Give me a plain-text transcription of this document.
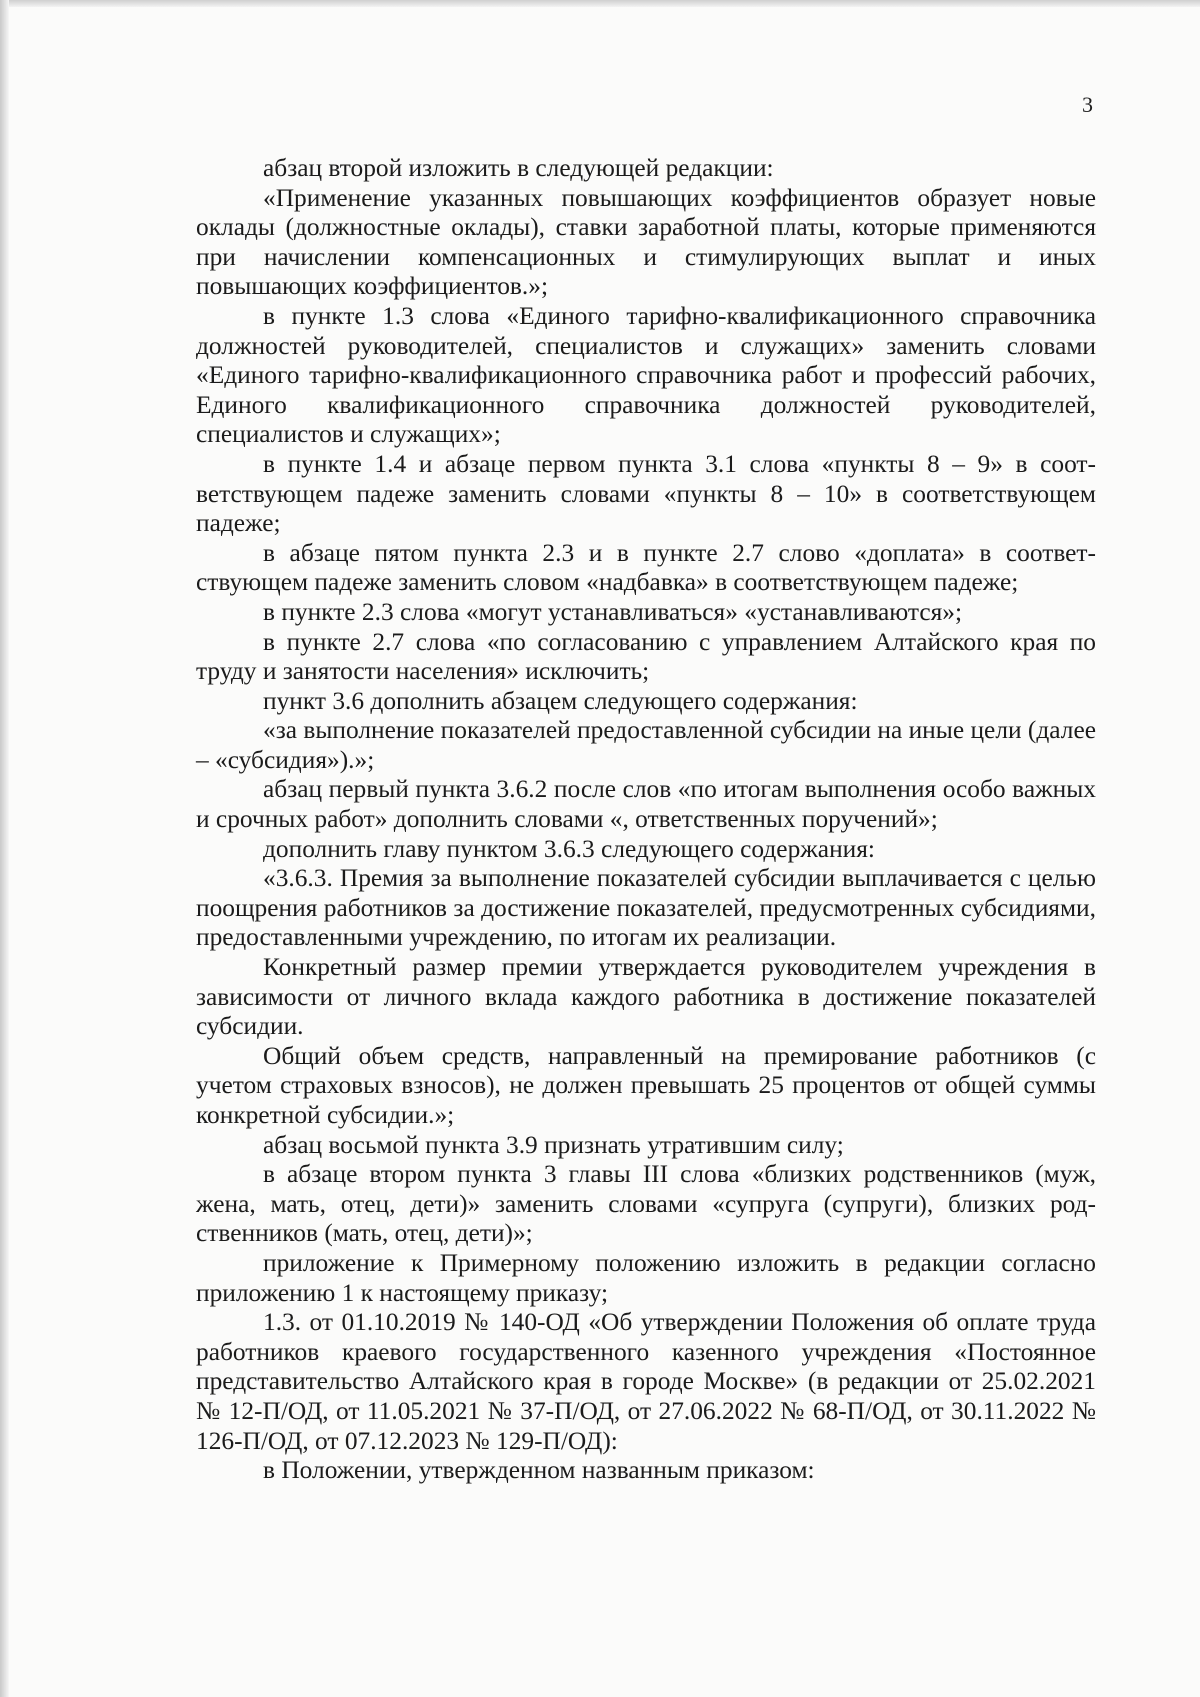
3

абзац второй изложить в следующей редакции:

«Применение указанных повышающих коэффициентов образует новые оклады (должностные оклады), ставки заработной платы, которые применяются при начислении компенсационных и стимулирующих выплат и иных повышающих коэффициентов.»;

в пункте 1.3 слова «Единого тарифно-квалификационного справочника должностей руководителей, специалистов и служащих» заменить словами «Единого тарифно-квалификационного справочника работ и профессий рабочих, Единого квалификационного справочника должностей руководителей, специалистов и служащих»;

в пункте 1.4 и абзаце первом пункта 3.1 слова «пункты 8 – 9» в соответствующем падеже заменить словами «пункты 8 – 10» в соответствующем падеже;

в абзаце пятом пункта 2.3 и в пункте 2.7 слово «доплата» в соответствующем падеже заменить словом «надбавка» в соответствующем падеже;

в пункте 2.3 слова «могут устанавливаться» «устанавливаются»;

в пункте 2.7 слова «по согласованию с управлением Алтайского края по труду и занятости населения» исключить;

пункт 3.6 дополнить абзацем следующего содержания:

«за выполнение показателей предоставленной субсидии на иные цели (далее – «субсидия»).»;

абзац первый пункта 3.6.2 после слов «по итогам выполнения особо важных и срочных работ» дополнить словами «, ответственных поручений»;

дополнить главу пунктом 3.6.3 следующего содержания:

«3.6.3. Премия за выполнение показателей субсидии выплачивается с целью поощрения работников за достижение показателей, предусмотренных субсидиями, предоставленными учреждению, по итогам их реализации.

Конкретный размер премии утверждается руководителем учреждения в зависимости от личного вклада каждого работника в достижение показателей субсидии.

Общий объем средств, направленный на премирование работников (с учетом страховых взносов), не должен превышать 25 процентов от общей суммы конкретной субсидии.»;

абзац восьмой пункта 3.9 признать утратившим силу;

в абзаце втором пункта 3 главы III слова «близких родственников (муж, жена, мать, отец, дети)» заменить словами «супруга (супруги), близких родственников (мать, отец, дети)»;

приложение к Примерному положению изложить в редакции согласно приложению 1 к настоящему приказу;

1.3. от 01.10.2019 № 140-ОД «Об утверждении Положения об оплате труда работников краевого государственного казенного учреждения «Постоянное представительство Алтайского края в городе Москве» (в редакции от 25.02.2021 № 12-П/ОД, от 11.05.2021 № 37-П/ОД, от 27.06.2022 № 68-П/ОД, от 30.11.2022 № 126-П/ОД, от 07.12.2023 № 129-П/ОД):

в Положении, утвержденном названным приказом:
